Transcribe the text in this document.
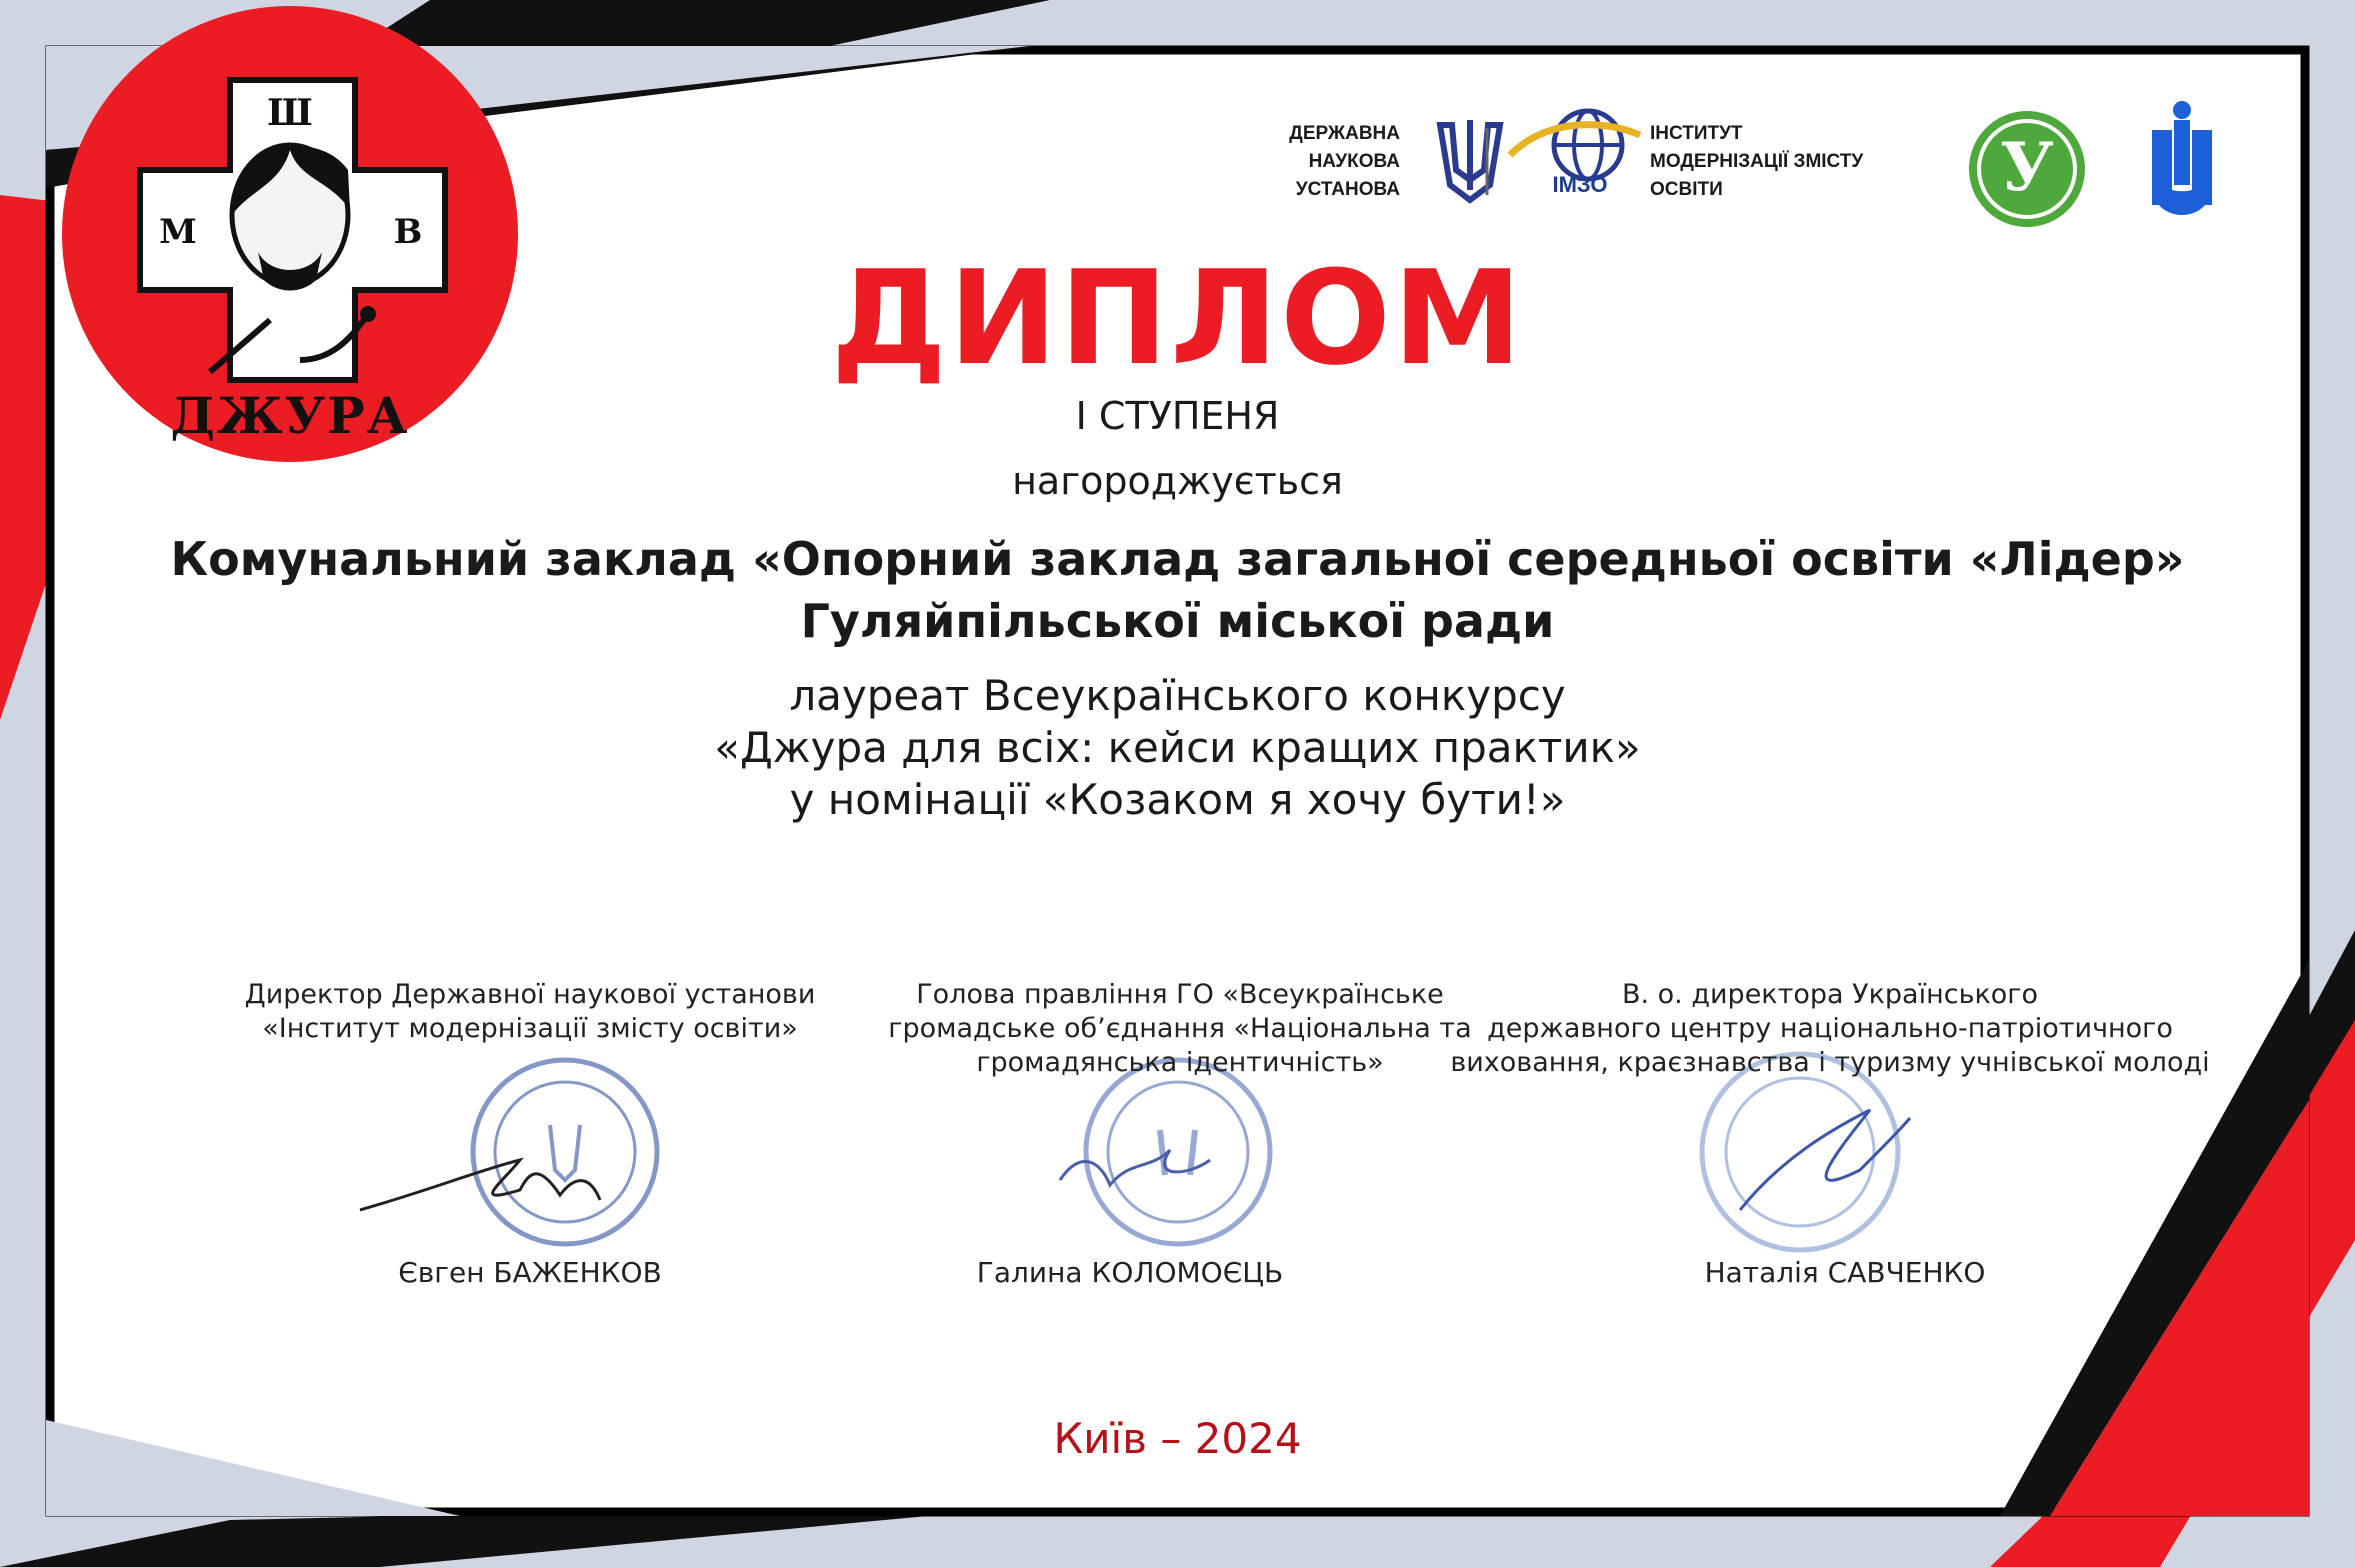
Ш
М	В
ДЖУРА
ДЕРЖАВНА
НАУКОВА
УСТАНОВА	ІМЗО
ІНСТИТУТ
МОДЕРНІЗАЦІЇ ЗМІСТУ
ОСВІТИ	У
ДИПЛОМ
І СТУПЕНЯ
нагороджується
Комунальний заклад «Опорний заклад загальної середньої освіти «Лідер»
Гуляйпільської міської ради
лауреат Всеукраїнського конкурсу
«Джура для всіх: кейси кращих практик»
у номінації «Козаком я хочу бути!»
Директор Державної наукової установи
«Інститут модернізації змісту освіти»
Євген БАЖЕНКОВ
Голова правління ГО «Всеукраїнське
громадське об’єднання «Національна та
громадянська ідентичність»
Галина КОЛОМОЄЦЬ
В. о. директора Українського
державного центру національно-патріотичного
виховання, краєзнавства і туризму учнівської молоді
Наталія САВЧЕНКО
Київ – 2024
